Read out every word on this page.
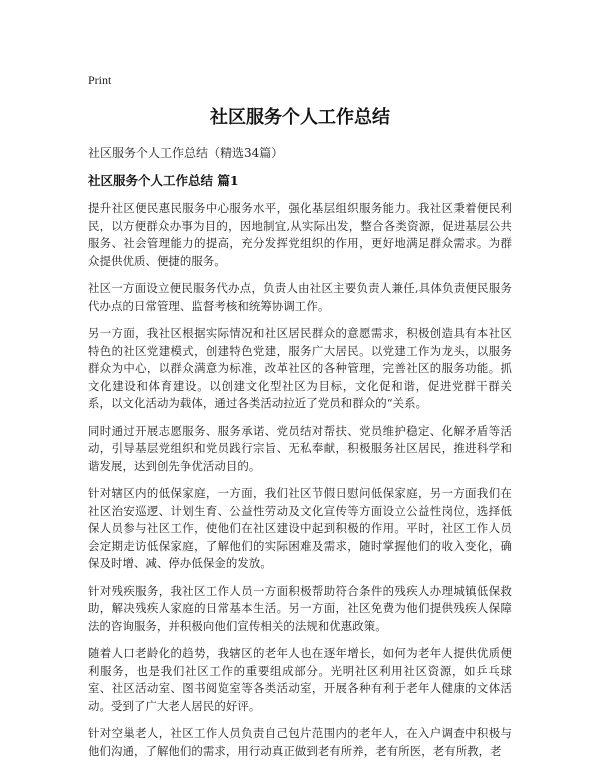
Print
社区服务个人工作总结

社区服务个人工作总结（精选34篇）

社区服务个人工作总结 篇1

提升社区便民惠民服务中心服务水平，强化基层组织服务能力。我社区秉着便民利民，以方便群众办事为目的，因地制宜,从实际出发，整合各类资源，促进基层公共服务、社会管理能力的提高，充分发挥党组织的作用，更好地满足群众需求。为群众提供优质、便捷的服务。

社区一方面设立便民服务代办点，负责人由社区主要负责人兼任,具体负责便民服务代办点的日常管理、监督考核和统筹协调工作。

另一方面，我社区根据实际情况和社区居民群众的意愿需求，积极创造具有本社区特色的社区党建模式，创建特色党建，服务广大居民。以党建工作为龙头，以服务群众为中心，以群众满意为标准，改革社区的各种管理，完善社区的服务功能。抓文化建设和体育建设。以创建文化型社区为目标，文化促和谐，促进党群干群关系，以文化活动为载体，通过各类活动拉近了党员和群众的“关系。

同时通过开展志愿服务、服务承诺、党员结对帮扶、党员维护稳定、化解矛盾等活动，引导基层党组织和党员践行宗旨、无私奉献，积极服务社区居民，推进科学和谐发展，达到创先争优活动目的。

针对辖区内的低保家庭，一方面，我们社区节假日慰问低保家庭，另一方面我们在社区治安巡逻、计划生育、公益性劳动及文化宣传等方面设立公益性岗位，选择低保人员参与社区工作，使他们在社区建设中起到积极的作用。平时，社区工作人员会定期走访低保家庭，了解他们的实际困难及需求，随时掌握他们的收入变化，确保及时增、减、停办低保金的发放。

针对残疾服务，我社区工作人员一方面积极帮助符合条件的残疾人办理城镇低保救助，解决残疾人家庭的日常基本生活。另一方面，社区免费为他们提供残疾人保障法的咨询服务，并积极向他们宣传相关的法规和优惠政策。

随着人口老龄化的趋势，我辖区的老年人也在逐年增长，如何为老年人提供优质便利服务，也是我们社区工作的重要组成部分。光明社区利用社区资源，如乒乓球室、社区活动室、图书阅览室等各类活动室，开展各种有利于老年人健康的文体活动。受到了广大老人居民的好评。

针对空巢老人，社区工作人员负责自己包片范围内的老年人，在入户调查中积极与他们沟通，了解他们的需求，用行动真正做到老有所养，老有所医，老有所教，老
